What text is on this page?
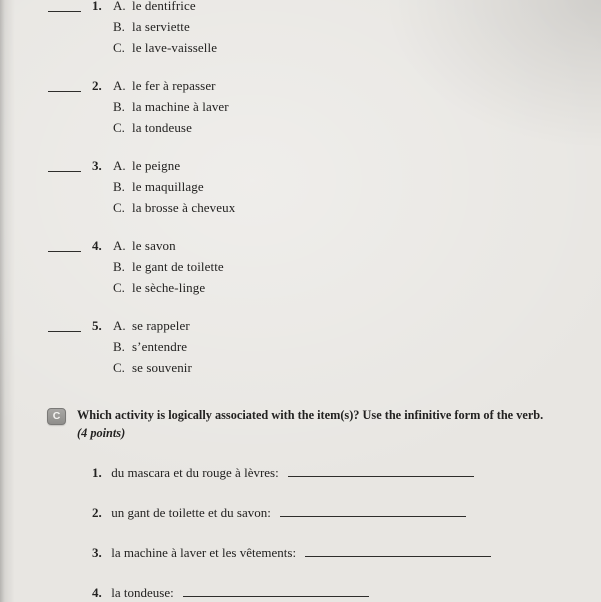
1. A. le dentifrice
B. la serviette
C. le lave-vaisselle
2. A. le fer à repasser
B. la machine à laver
C. la tondeuse
3. A. le peigne
B. le maquillage
C. la brosse à cheveux
4. A. le savon
B. le gant de toilette
C. le sèche-linge
5. A. se rappeler
B. s’entendre
C. se souvenir
C	Which activity is logically associated with the item(s)? Use the infinitive form of the verb.
(4 points)
1. du mascara et du rouge à lèvres:
2. un gant de toilette et du savon:
3. la machine à laver et les vêtements:
4. la tondeuse:
